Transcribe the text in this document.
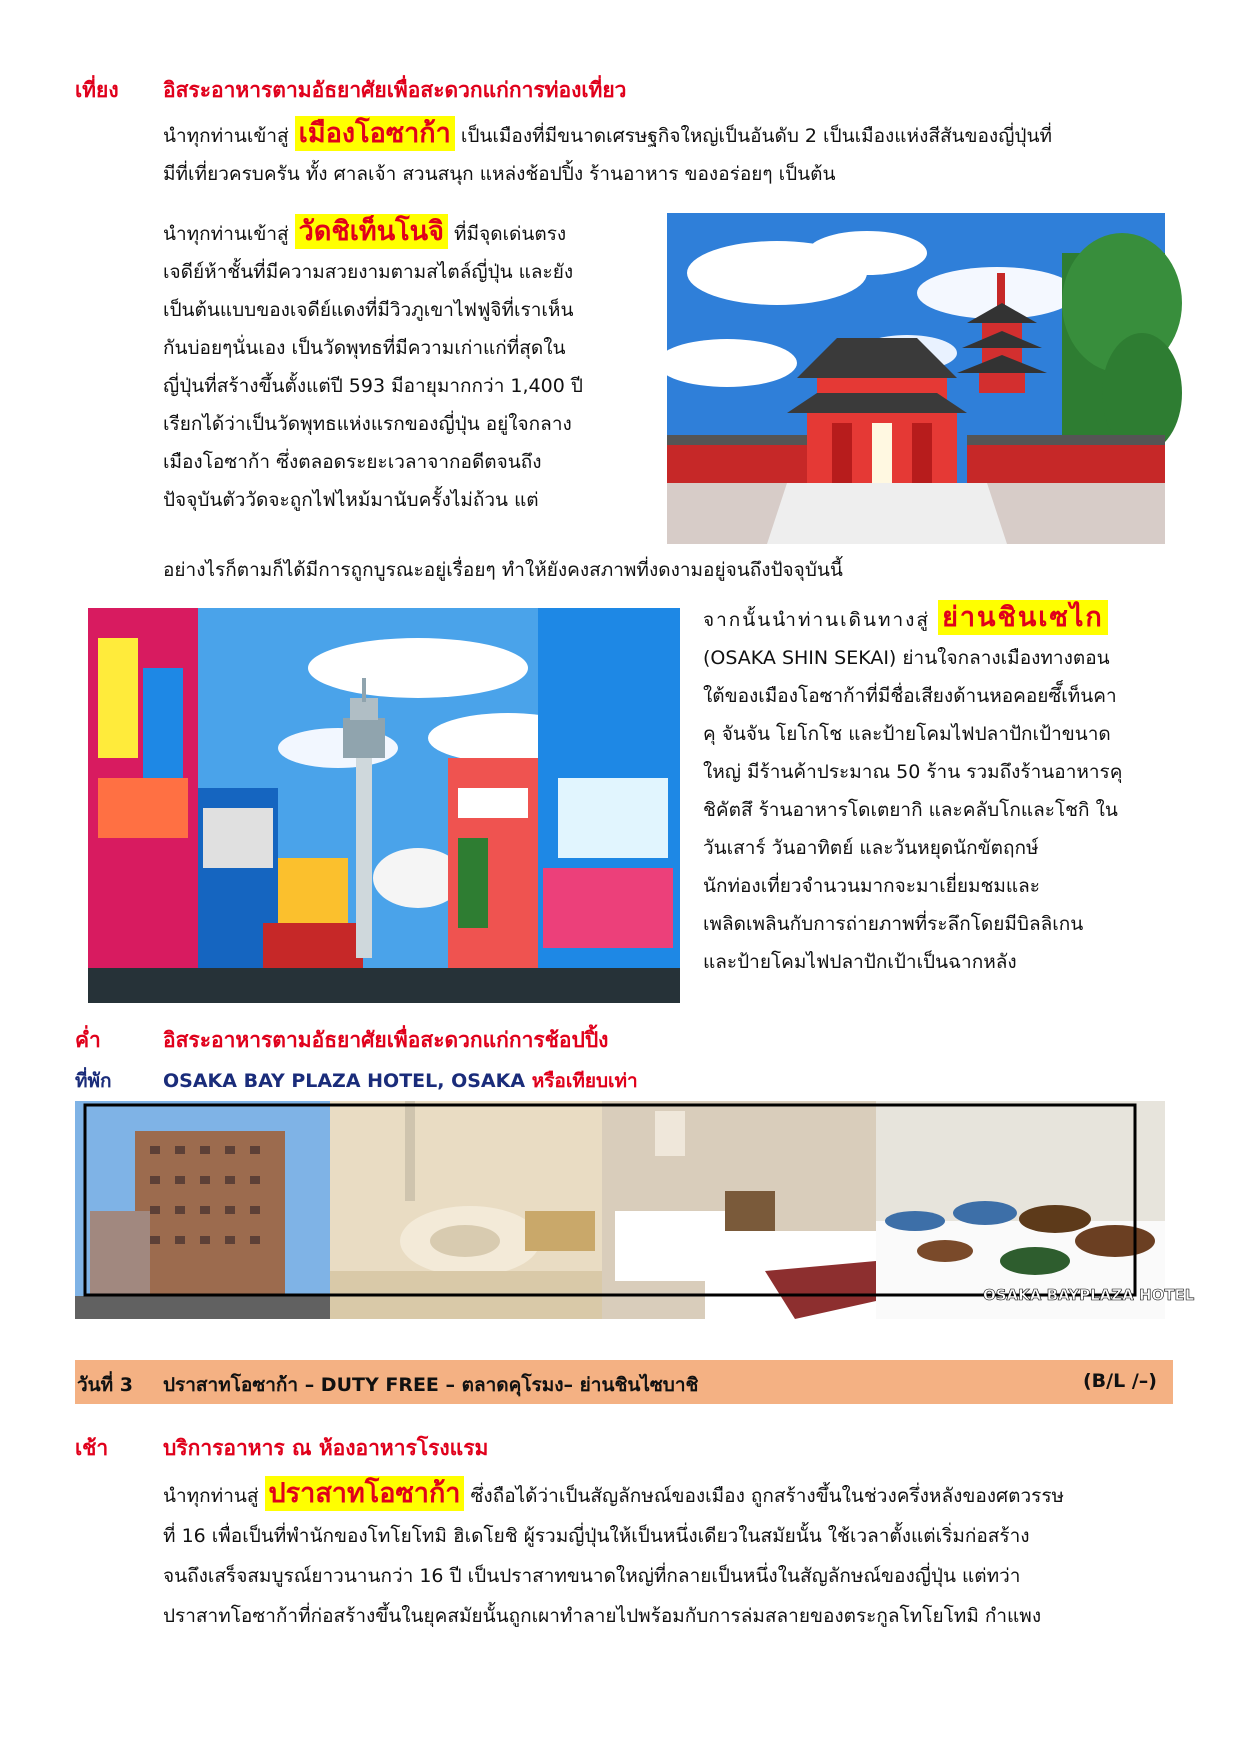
เที่ยง อิสระอาหารตามอัธยาศัยเพื่อสะดวกแก่การท่องเที่ยว
นำทุกท่านเข้าสู่ เมืองโอซาก้า เป็นเมืองที่มีขนาดเศรษฐกิจใหญ่เป็นอันดับ 2 เป็นเมืองแห่งสีสันของญี่ปุ่นที่
มีที่เที่ยวครบครัน ทั้ง ศาลเจ้า สวนสนุก แหล่งช้อปปิ้ง ร้านอาหาร ของอร่อยๆ เป็นต้น
นำทุกท่านเข้าสู่ วัดชิเท็นโนจิ ที่มีจุดเด่นตรง
เจดีย์ห้าชั้นที่มีความสวยงามตามสไตล์ญี่ปุ่น และยัง
เป็นต้นแบบของเจดีย์แดงที่มีวิวภูเขาไฟฟูจิที่เราเห็น
กันบ่อยๆนั่นเอง เป็นวัดพุทธที่มีความเก่าแก่ที่สุดใน
ญี่ปุ่นที่สร้างขึ้นตั้งแต่ปี 593 มีอายุมากกว่า 1,400 ปี
เรียกได้ว่าเป็นวัดพุทธแห่งแรกของญี่ปุ่น อยู่ใจกลาง
เมืองโอซาก้า ซึ่งตลอดระยะเวลาจากอดีตจนถึง
ปัจจุบันตัววัดจะถูกไฟไหม้มานับครั้งไม่ถ้วน แต่
อย่างไรก็ตามก็ได้มีการถูกบูรณะอยู่เรื่อยๆ ทำให้ยังคงสภาพที่งดงามอยู่จนถึงปัจจุบันนี้
จากนั้นนำท่านเดินทางสู่ ย่านชินเซไก
(OSAKA SHIN SEKAI) ย่านใจกลางเมืองทางตอน
ใต้ของเมืองโอซาก้าที่มีชื่อเสียงด้านหอคอยซึ็เท็นคา
คุ จันจัน โยโกโช และป้ายโคมไฟปลาปักเป้าขนาด
ใหญ่ มีร้านค้าประมาณ 50 ร้าน รวมถึงร้านอาหารคุ
ชิคัตสึ ร้านอาหารโดเตยากิ และคลับโกและโชกิ ใน
วันเสาร์ วันอาทิตย์ และวันหยุดนักขัตฤกษ์
นักท่องเที่ยวจำนวนมากจะมาเยี่ยมชมและ
เพลิดเพลินกับการถ่ายภาพที่ระลึกโดยมีบิลลิเกน
และป้ายโคมไฟปลาปักเป้าเป็นฉากหลัง
ค่ำ	อิสระอาหารตามอัธยาศัยเพื่อสะดวกแก่การช้อปปิ้ง
ที่พัก	OSAKA BAY PLAZA HOTEL, OSAKA หรือเทียบเท่า
OSAKA BAYPLAZA HOTEL
วันที่ 3 ปราสาทโอซาก้า – DUTY FREE – ตลาดคุโรมง– ย่านชินไซบาชิ	(B/L /–)
เช้า	บริการอาหาร ณ ห้องอาหารโรงแรม
นำทุกท่านสู่ ปราสาทโอซาก้า ซึ่งถือได้ว่าเป็นสัญลักษณ์ของเมือง ถูกสร้างขึ้นในช่วงครึ่งหลังของศตวรรษ
ที่ 16 เพื่อเป็นที่พำนักของโทโยโทมิ ฮิเดโยชิ ผู้รวมญี่ปุ่นให้เป็นหนึ่งเดียวในสมัยนั้น ใช้เวลาตั้งแต่เริ่มก่อสร้าง
จนถึงเสร็จสมบูรณ์ยาวนานกว่า 16 ปี เป็นปราสาทขนาดใหญ่ที่กลายเป็นหนึ่งในสัญลักษณ์ของญี่ปุ่น แต่ทว่า
ปราสาทโอซาก้าที่ก่อสร้างขึ้นในยุคสมัยนั้นถูกเผาทำลายไปพร้อมกับการล่มสลายของตระกูลโทโยโทมิ กำแพง
